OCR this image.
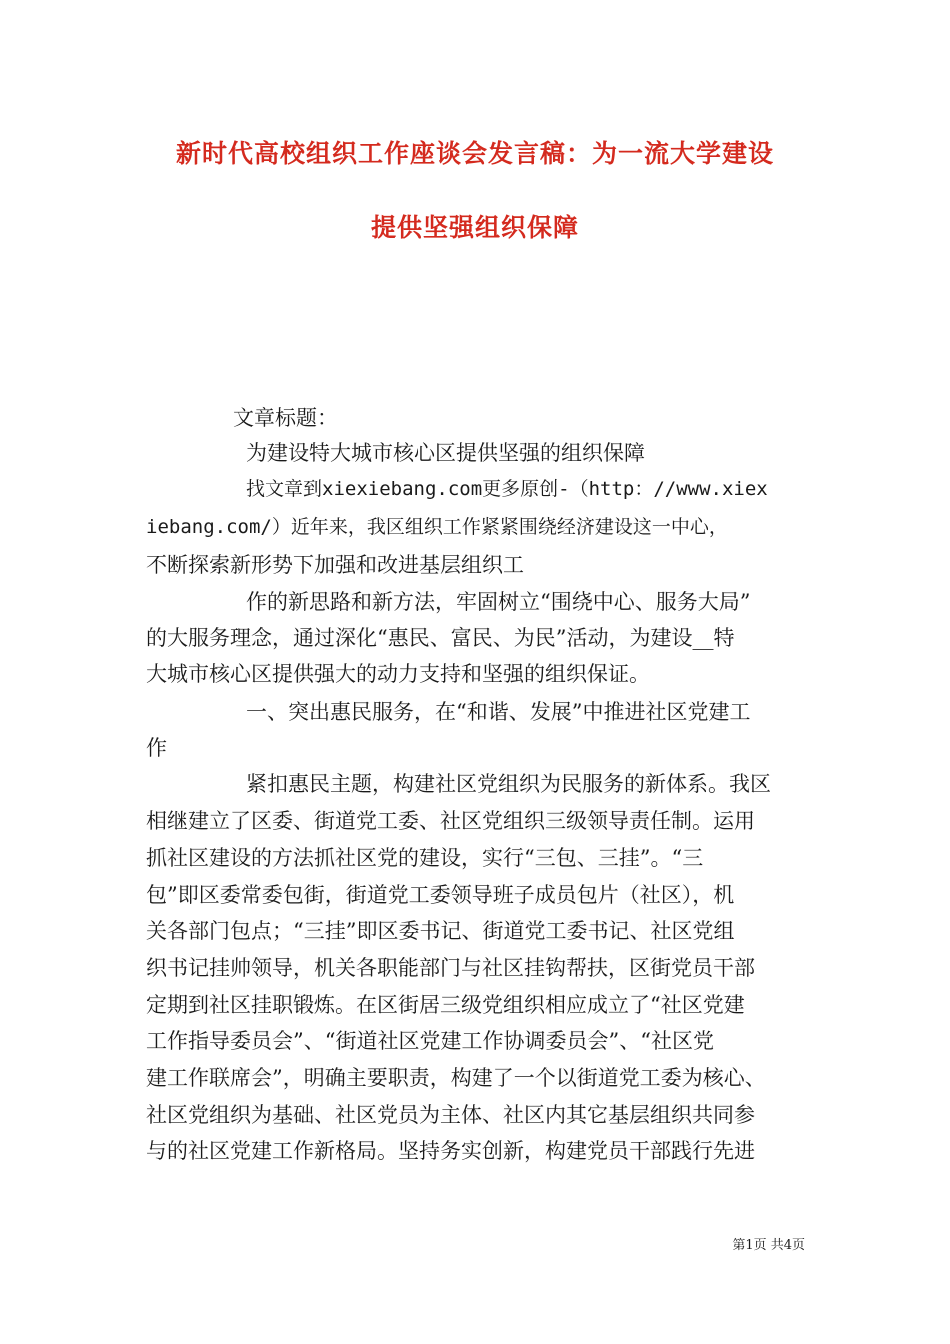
新时代高校组织工作座谈会发言稿：为一流大学建设
提供坚强组织保障
文章标题：
为建设特大城市核心区提供坚强的组织保障
找文章到xiexiebang.com更多原创-（http：//www.xiex
iebang.com/）近年来，我区组织工作紧紧围绕经济建设这一中心，
不断探索新形势下加强和改进基层组织工
作的新思路和新方法，牢固树立“围绕中心、服务大局”
的大服务理念，通过深化“惠民、富民、为民”活动，为建设__特
大城市核心区提供强大的动力支持和坚强的组织保证。
一、突出惠民服务，在“和谐、发展”中推进社区党建工
作
紧扣惠民主题，构建社区党组织为民服务的新体系。我区
相继建立了区委、街道党工委、社区党组织三级领导责任制。运用
抓社区建设的方法抓社区党的建设，实行“三包、三挂”。“三
包”即区委常委包街，街道党工委领导班子成员包片（社区），机
关各部门包点；“三挂”即区委书记、街道党工委书记、社区党组
织书记挂帅领导，机关各职能部门与社区挂钩帮扶，区街党员干部
定期到社区挂职锻炼。在区街居三级党组织相应成立了“社区党建
工作指导委员会”、“街道社区党建工作协调委员会”、“社区党
建工作联席会”，明确主要职责，构建了一个以街道党工委为核心、
社区党组织为基础、社区党员为主体、社区内其它基层组织共同参
与的社区党建工作新格局。坚持务实创新，构建党员干部践行先进
第1页 共4页
